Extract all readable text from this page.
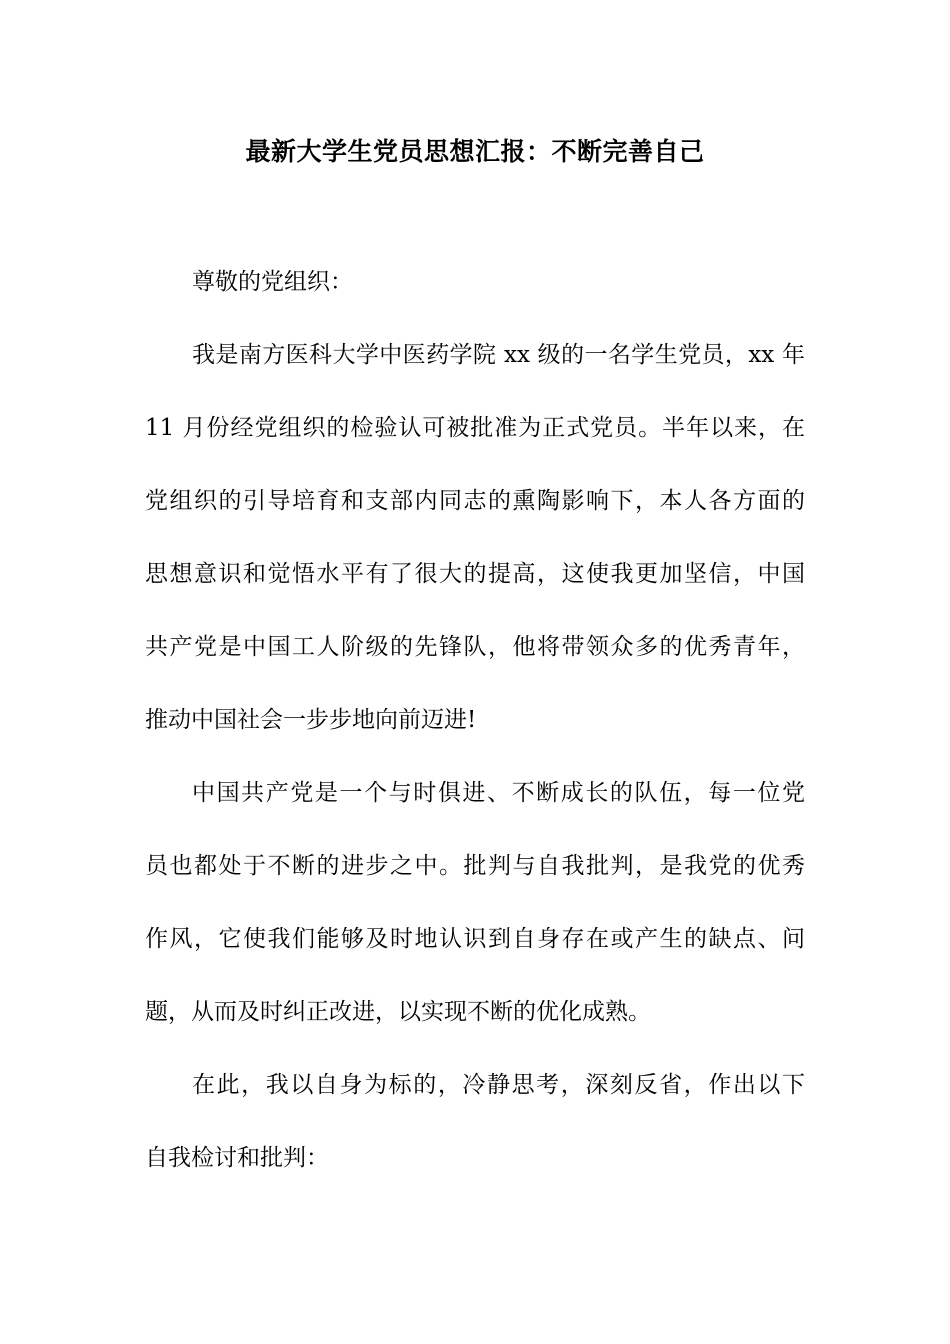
最新大学生党员思想汇报：不断完善自己
尊敬的党组织：
我是南方医科大学中医药学院 xx 级的一名学生党员，xx 年
11 月份经党组织的检验认可被批准为正式党员。半年以来，在
党组织的引导培育和支部内同志的熏陶影响下，本人各方面的
思想意识和觉悟水平有了很大的提高，这使我更加坚信，中国
共产党是中国工人阶级的先锋队，他将带领众多的优秀青年，
推动中国社会一步步地向前迈进!
中国共产党是一个与时俱进、不断成长的队伍，每一位党
员也都处于不断的进步之中。批判与自我批判，是我党的优秀
作风，它使我们能够及时地认识到自身存在或产生的缺点、问
题，从而及时纠正改进，以实现不断的优化成熟。
在此，我以自身为标的，冷静思考，深刻反省，作出以下
自我检讨和批判：
